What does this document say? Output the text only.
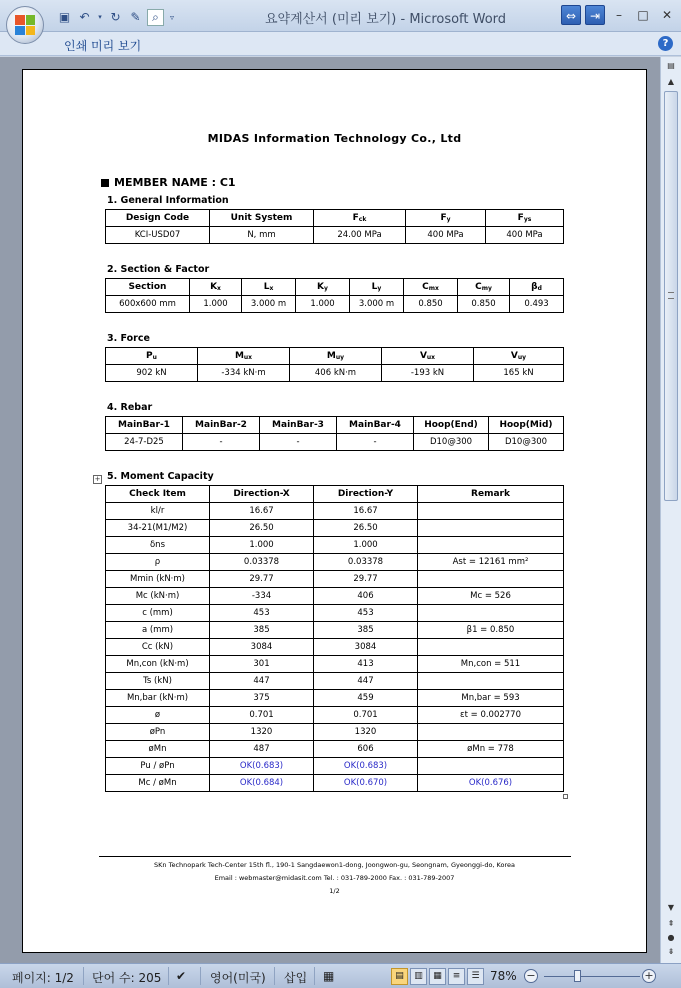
▣ ↶	▾ ↻ ✎ ⌕	▿	요약계산서 (미리 보기) - Microsoft Word	⇔	⇥	–	□	✕
인쇄 미리 보기	?
MIDAS Information Technology Co., Ltd
MEMBER NAME : C1
1. General Information
Design Code	Unit System	$F_{ck}$	$F_y$	$F_{ys}$
KCI-USD07	N, mm	24.00 MPa	400 MPa	400 MPa
2. Section & Factor
Section	$K_x$	$L_x$	$K_y$	$L_y$	$C_{mx}$	$C_{my}$	$\beta_d$
600x600 mm	1.000	3.000 m	1.000	3.000 m	0.850	0.850	0.493
3. Force
$P_u$	$M_{ux}$	$M_{uy}$	$V_{ux}$	$V_{uy}$
902 kN	-334 kN·m	406 kN·m	-193 kN	165 kN
4. Rebar
MainBar-1	MainBar-2	MainBar-3	MainBar-4	Hoop(End)	Hoop(Mid)
24-7-D25	-	-	-	D10@300	D10@300
+ 5. Moment Capacity
Check Item	Direction-X	Direction-Y	Remark
kl/r	16.67	16.67	
34-21(M1/M2)	26.50	26.50	
δns	1.000	1.000	
ρ	0.03378	0.03378	Ast = 12161 mm²
Mmin (kN·m)	29.77	29.77	
Mc (kN·m)	-334	406	Mc = 526
c (mm)	453	453	
a (mm)	385	385	β1 = 0.850
Cc (kN)	3084	3084	
Mn,con (kN·m)	301	413	Mn,con = 511
Ts (kN)	447	447	
Mn,bar (kN·m)	375	459	Mn,bar = 593
ø	0.701	0.701	εt = 0.002770
øPn	1320	1320	
øMn	487	606	øMn = 778
Pu / øPn	OK(0.683)	OK(0.683)	
Mc / øMn	OK(0.684)	OK(0.670)	OK(0.676)
SKn Technopark Tech-Center 15th fl., 190-1 Sangdaewon1-dong, Joongwon-gu, Seongnam, Gyeonggi-do, Korea
Email : webmaster@midasit.com Tel. : 031-789-2000 Fax. : 031-789-2007
1/2
▤
▲
▼
⇞
●
⇟
페이지: 1/2 단어 수: 205 ✔ 영어(미국) 삽입 ▦	▤	▥	▦	≡	☰ 78% −	+
